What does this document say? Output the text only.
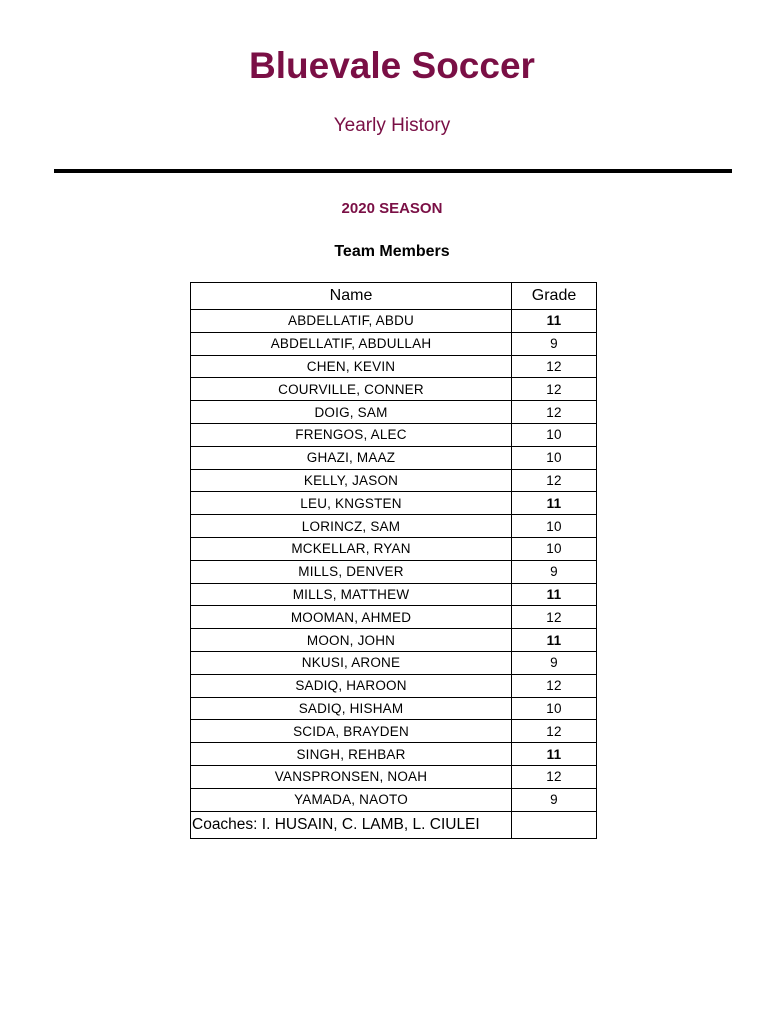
Bluevale Soccer
Yearly History
2020 SEASON
Team Members
Name	Grade
ABDELLATIF, ABDU	11
ABDELLATIF, ABDULLAH	9
CHEN, KEVIN	12
COURVILLE, CONNER	12
DOIG, SAM	12
FRENGOS, ALEC	10
GHAZI, MAAZ	10
KELLY, JASON	12
LEU, KNGSTEN	11
LORINCZ, SAM	10
MCKELLAR, RYAN	10
MILLS, DENVER	9
MILLS, MATTHEW	11
MOOMAN, AHMED	12
MOON, JOHN	11
NKUSI, ARONE	9
SADIQ, HAROON	12
SADIQ, HISHAM	10
SCIDA, BRAYDEN	12
SINGH, REHBAR	11
VANSPRONSEN, NOAH	12
YAMADA, NAOTO	9
Coaches: I. HUSAIN, C. LAMB, L. CIULEI	
